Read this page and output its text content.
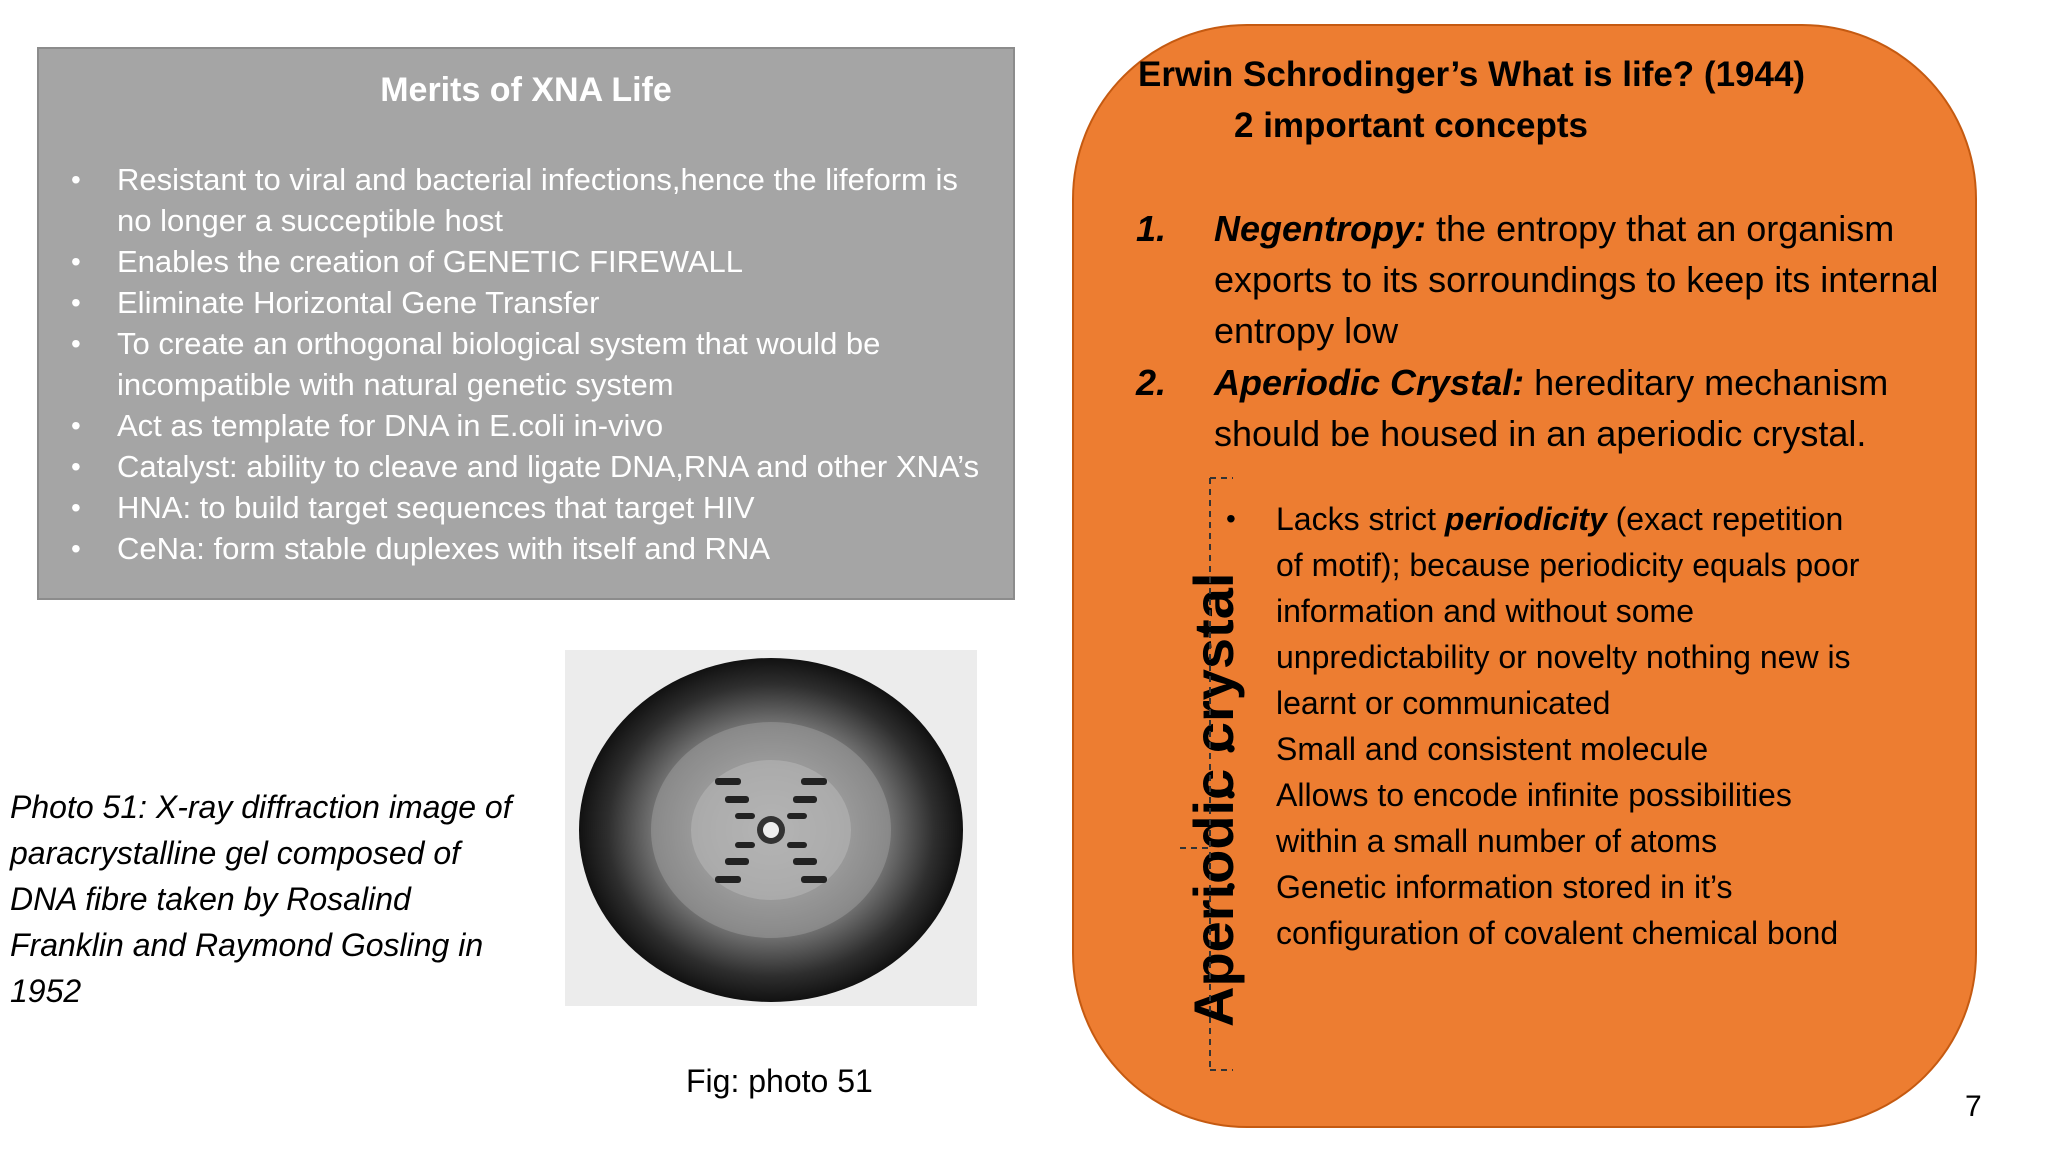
Merits of XNA Life
• Resistant to viral and bacterial infections,hence the lifeform is no longer a succeptible host
• Enables the creation of GENETIC FIREWALL
• Eliminate Horizontal Gene Transfer
• To create an orthogonal biological system that would be incompatible with natural genetic system
• Act as template for DNA in E.coli in-vivo
• Catalyst: ability to cleave and ligate DNA,RNA and other XNA’s
• HNA: to build target sequences that target HIV
• CeNa: form stable duplexes with itself and RNA
Photo 51: X-ray diffraction image of paracrystalline gel composed of DNA fibre taken by Rosalind Franklin and Raymond Gosling in 1952
Fig: photo 51
Erwin Schrodinger’s What is life? (1944)
2 important concepts
1. Negentropy: the entropy that an organism exports to its sorroundings to keep its internal entropy low
2. Aperiodic Crystal: hereditary mechanism should be housed in an aperiodic crystal.
Aperiodic crystal
• Lacks strict periodicity (exact repetition of motif); because periodicity equals poor information and without some unpredictability or novelty nothing new is learnt or communicated
• Small and consistent molecule
• Allows to encode infinite possibilities within a small number of atoms
• Genetic information stored in it’s configuration of covalent chemical bond
7
